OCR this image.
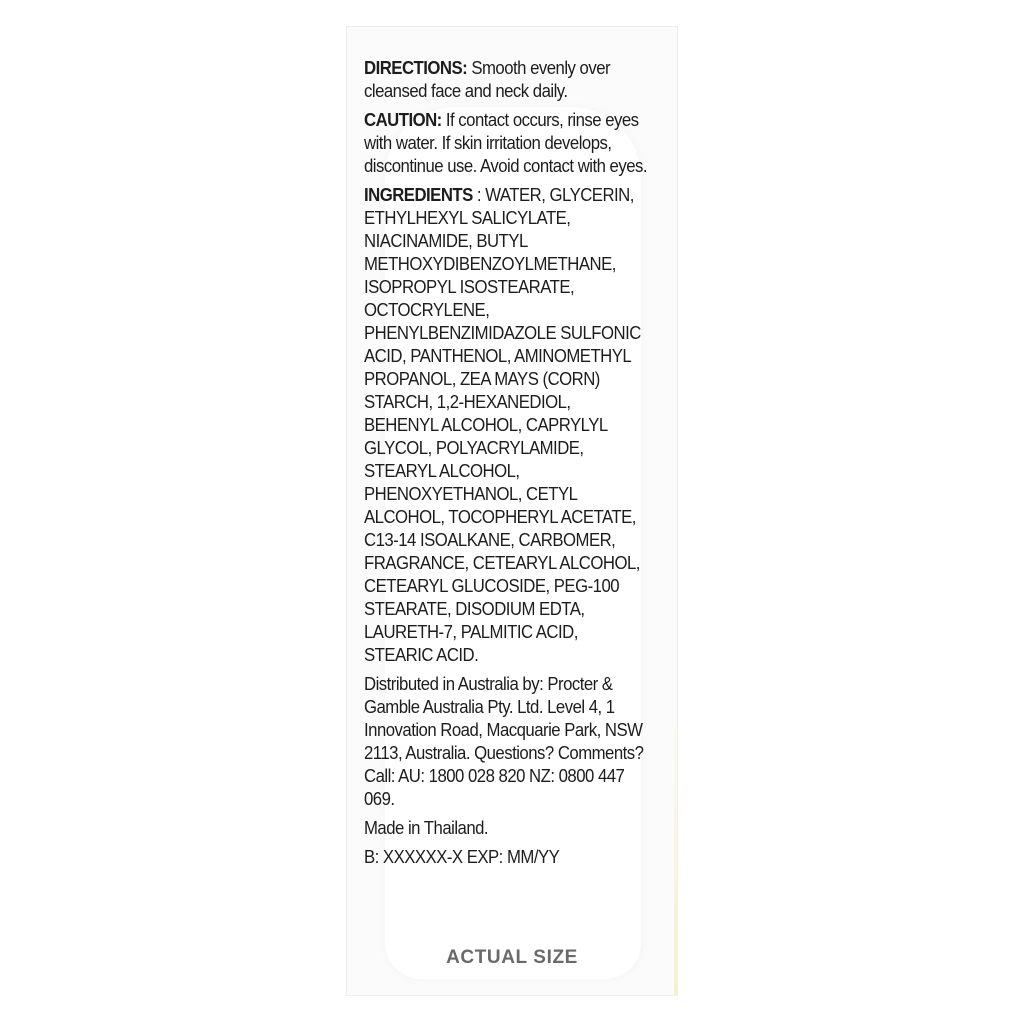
DIRECTIONS: Smooth evenly over cleansed face and neck daily.

CAUTION: If contact occurs, rinse eyes with water. If skin irritation develops, discontinue use. Avoid contact with eyes.

INGREDIENTS : WATER, GLYCERIN, ETHYLHEXYL SALICYLATE, NIACINAMIDE, BUTYL METHOXYDIBENZOYLMETHANE, ISOPROPYL ISOSTEARATE, OCTOCRYLENE, PHENYLBENZIMIDAZOLE SULFONIC ACID, PANTHENOL, AMINOMETHYL PROPANOL, ZEA MAYS (CORN) STARCH, 1,2-HEXANEDIOL, BEHENYL ALCOHOL, CAPRYLYL GLYCOL, POLYACRYLAMIDE, STEARYL ALCOHOL, PHENOXYETHANOL, CETYL ALCOHOL, TOCOPHERYL ACETATE, C13-14 ISOALKANE, CARBOMER, FRAGRANCE, CETEARYL ALCOHOL, CETEARYL GLUCOSIDE, PEG-100 STEARATE, DISODIUM EDTA, LAURETH-7, PALMITIC ACID, STEARIC ACID.

Distributed in Australia by: Procter & Gamble Australia Pty. Ltd. Level 4, 1 Innovation Road, Macquarie Park, NSW 2113, Australia. Questions? Comments? Call: AU: 1800 028 820 NZ: 0800 447 069.

Made in Thailand.

B: XXXXXX-X EXP: MM/YY

ACTUAL SIZE
